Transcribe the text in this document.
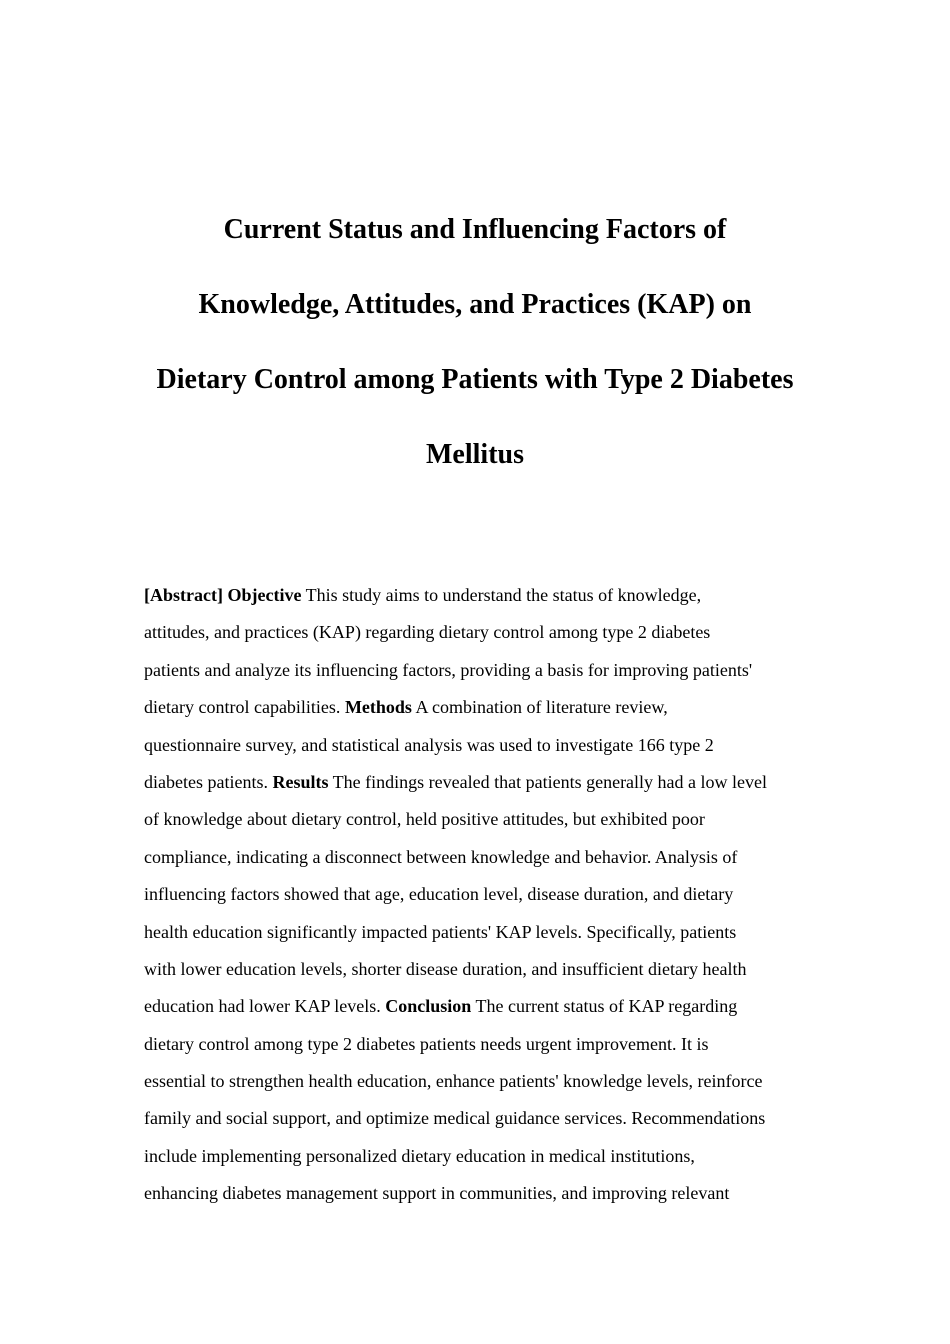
Current Status and Influencing Factors of
Knowledge, Attitudes, and Practices (KAP) on
Dietary Control among Patients with Type 2 Diabetes
Mellitus
[Abstract] Objective This study aims to understand the status of knowledge,
attitudes, and practices (KAP) regarding dietary control among type 2 diabetes
patients and analyze its influencing factors, providing a basis for improving patients'
dietary control capabilities. Methods A combination of literature review,
questionnaire survey, and statistical analysis was used to investigate 166 type 2
diabetes patients. Results The findings revealed that patients generally had a low level
of knowledge about dietary control, held positive attitudes, but exhibited poor
compliance, indicating a disconnect between knowledge and behavior. Analysis of
influencing factors showed that age, education level, disease duration, and dietary
health education significantly impacted patients' KAP levels. Specifically, patients
with lower education levels, shorter disease duration, and insufficient dietary health
education had lower KAP levels. Conclusion The current status of KAP regarding
dietary control among type 2 diabetes patients needs urgent improvement. It is
essential to strengthen health education, enhance patients' knowledge levels, reinforce
family and social support, and optimize medical guidance services. Recommendations
include implementing personalized dietary education in medical institutions,
enhancing diabetes management support in communities, and improving relevant
